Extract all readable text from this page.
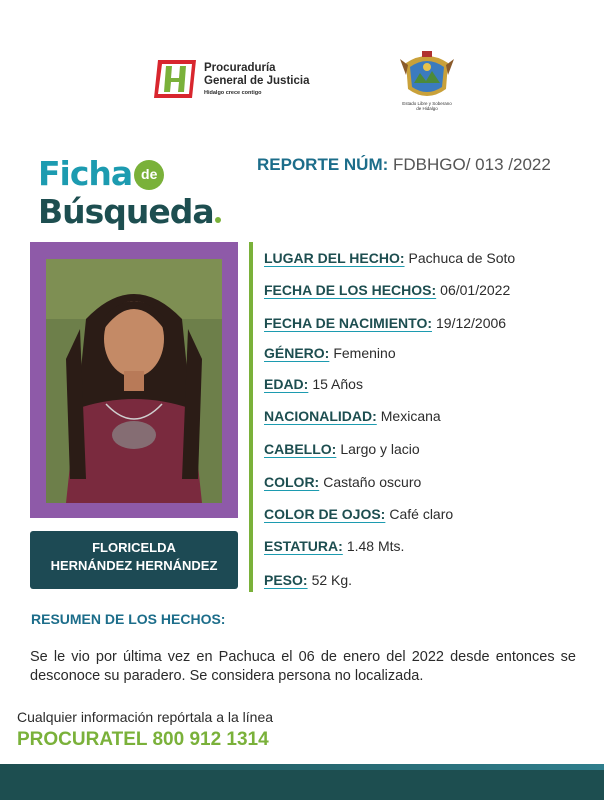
Procuraduría
General de Justicia
Hidalgo crece contigo
Estado Libre y Soberano
de Hidalgo
Ficha de
Búsqueda
REPORTE NÚM: FDBHGO/ 013 /2022
FLORICELDA
HERNÁNDEZ HERNÁNDEZ
LUGAR DEL HECHO: Pachuca de Soto
FECHA DE LOS HECHOS: 06/01/2022
FECHA DE NACIMIENTO: 19/12/2006
GÉNERO: Femenino
EDAD: 15 Años
NACIONALIDAD: Mexicana
CABELLO: Largo y lacio
COLOR: Castaño oscuro
COLOR DE OJOS: Café claro
ESTATURA: 1.48 Mts.
PESO: 52 Kg.
RESUMEN DE LOS HECHOS:
Se le vio por última vez en Pachuca el 06 de enero del 2022 desde entonces se desconoce su paradero. Se considera persona no localizada.
Cualquier información repórtala a la línea
PROCURATEL 800 912 1314
